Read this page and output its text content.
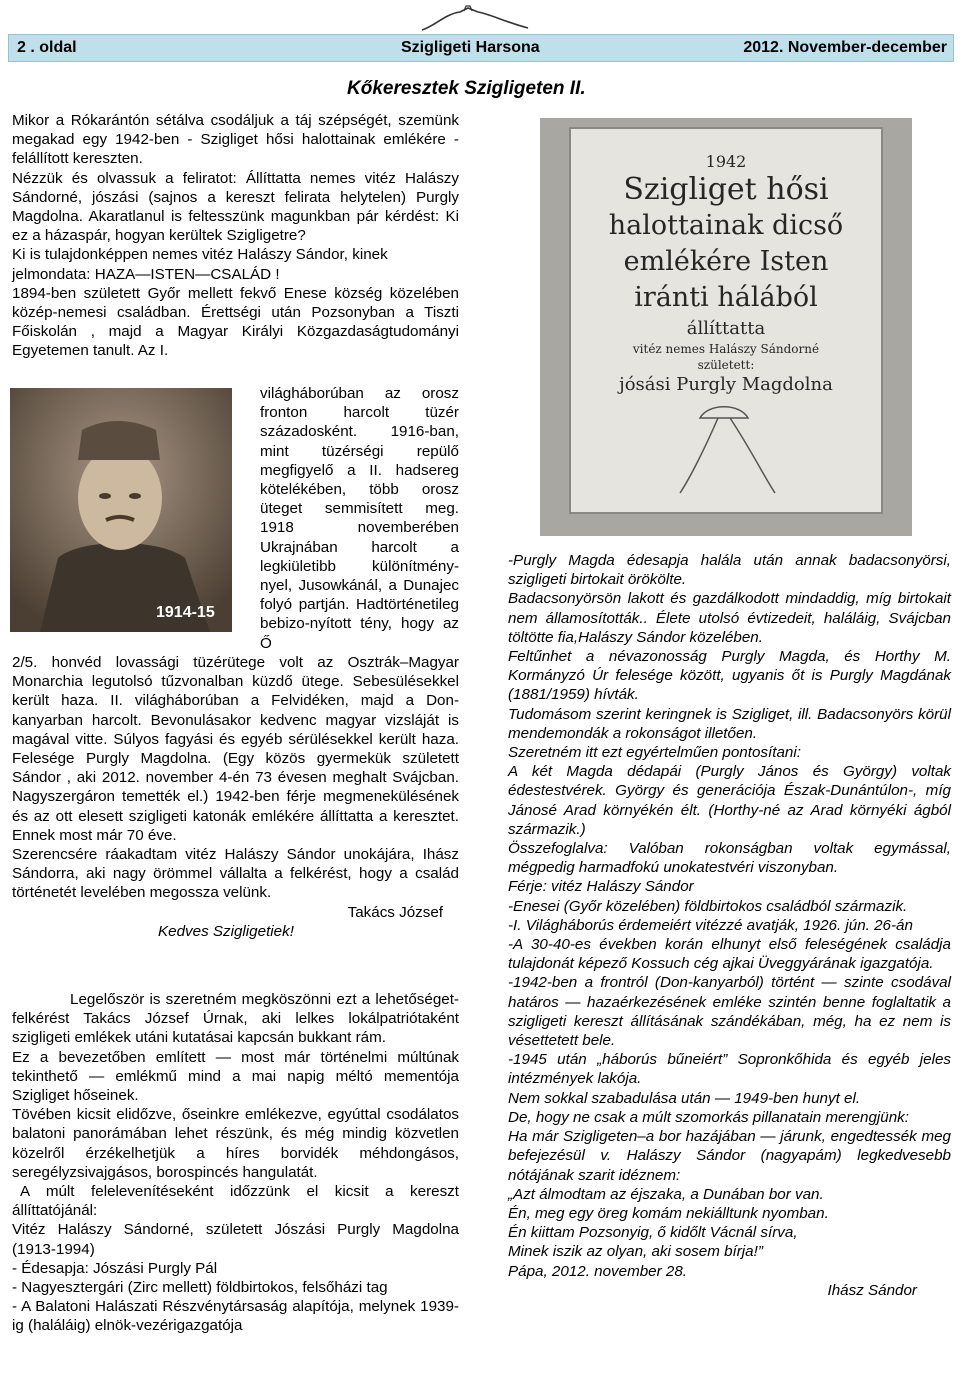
2 . oldal	Szigligeti Harsona	2012. November-december
Kőkeresztek Szigligeten II.

Mikor a Rókarántón sétálva csodáljuk a táj szépségét, szemünk megakad egy 1942-ben - Szigliget hősi halottainak emlékére - felállított kereszten.

Nézzük és olvassuk a feliratot: Állíttatta nemes vitéz Halászy Sándorné, jószási (sajnos a kereszt felirata helytelen) Purgly Magdolna. Akaratlanul is feltesszünk magunkban pár kérdést: Ki ez a házaspár, hogyan kerültek Szigligetre?

Ki is tulajdonképpen nemes vitéz Halászy Sándor, kinek jelmondata: HAZA—ISTEN—CSALÁD !

1894-ben született Győr mellett fekvő Enese község közelében közép-nemesi családban. Érettségi után Pozsonyban a Tiszti Főiskolán , majd a Magyar Királyi Közgazdaságtudományi Egyetemen tanult. Az I.

1914-15
világháborúban az orosz fronton harcolt tüzér századosként. 1916-ban, mint tüzérségi repülő megfigyelő a II. hadsereg kötelékében, több orosz üteget semmisített meg. 1918 novemberében Ukrajnában harcolt a legkiületibb különítmény-nyel, Jusowkánál, a Dunajec folyó partján. Hadtörténetileg bebizo-nyított tény, hogy az Ő

2/5. honvéd lovassági tüzérütege volt az Osztrák–Magyar Monarchia legutolsó tűzvonalban küzdő ütege. Sebesülésekkel került haza. II. világháborúban a Felvidéken, majd a Don-kanyarban harcolt. Bevonulásakor kedvenc magyar vizsláját is magával vitte. Súlyos fagyási és egyéb sérülésekkel került haza. Felesége Purgly Magdolna. (Egy közös gyermekük született Sándor , aki 2012. november 4-én 73 évesen meghalt Svájcban. Nagyszergáron temették el.) 1942-ben férje megmenekülésének és az ott elesett szigligeti katonák emlékére állíttatta a keresztet. Ennek most már 70 éve.

Szerencsére ráakadtam vitéz Halászy Sándor unokájára, Ihász Sándorra, aki nagy örömmel vállalta a felkérést, hogy a család történetét levelében megossza velünk.

Takács József

Kedves Szigligetiek!

Legelőször is szeretném megköszönni ezt a lehetőséget-felkérést Takács József Úrnak, aki lelkes lokálpatriótaként szigligeti emlékek utáni kutatásai kapcsán bukkant rám.

Ez a bevezetőben említett — most már történelmi múltúnak tekinthető — emlékmű mind a mai napig méltó mementója Szigliget hőseinek.

Tövében kicsit elidőzve, őseinkre emlékezve, egyúttal csodálatos balatoni panorámában lehet részünk, és még mindig közvetlen közelről érzékelhetjük a híres borvidék méhdongásos, seregélyzsivajgásos, borospincés hangulatát.

A múlt felelevenítéseként időzzünk el kicsit a kereszt állíttatójánál:

Vitéz Halászy Sándorné, született Jószási Purgly Magdolna (1913-1994)

- Édesapja: Jószási Purgly Pál

- Nagyesztergári (Zirc mellett) földbirtokos, felsőházi tag

- A Balatoni Halászati Részvénytársaság alapítója, melynek 1939-ig (haláláig) elnök-vezérigazgatója

1942
Szigliget hősi
halottainak dicső
emlékére Isten
iránti hálából
állíttatta
vitéz nemes Halászy Sándorné
született:
jósási Purgly Magdolna

-Purgly Magda édesapja halála után annak badacsonyörsi, szigligeti birtokait örökölte.

Badacsonyörsön lakott és gazdálkodott mindaddig, míg birtokait nem államosították.. Élete utolsó évtizedeit, haláláig, Svájcban töltötte fia,Halászy Sándor közelében.

Feltűnhet a névazonosság Purgly Magda, és Horthy M. Kormányzó Úr felesége között, ugyanis őt is Purgly Magdának (1881/1959) hívták.

Tudomásom szerint keringnek is Szigliget, ill. Badacsonyörs körül mendemondák a rokonságot illetően.

Szeretném itt ezt egyértelműen pontosítani:

A két Magda dédapái (Purgly János és György) voltak édestestvérek. György és generációja Észak-Dunántúlon-, míg Jánosé Arad környékén élt. (Horthy-né az Arad környéki ágból származik.)

Összefoglalva: Valóban rokonságban voltak egymással, mégpedig harmadfokú unokatestvéri viszonyban.

Férje: vitéz Halászy Sándor

-Enesei (Győr közelében) földbirtokos családból származik.

-I. Világháborús érdemeiért vitézzé avatják, 1926. jún. 26-án

-A 30-40-es években korán elhunyt első feleségének családja tulajdonát képező Kossuch cég ajkai Üveggyárának igazgatója.

-1942-ben a frontról (Don-kanyarból) történt — szinte csodával határos — hazaérkezésének emléke szintén benne foglaltatik a szigligeti kereszt állításának szándékában, még, ha ez nem is vésettetett bele.

-1945 után „háborús bűneiért” Sopronkőhida és egyéb jeles intézmények lakója.

Nem sokkal szabadulása után — 1949-ben hunyt el.

De, hogy ne csak a múlt szomorkás pillanatain merengjünk:

Ha már Szigligeten–a bor hazájában — járunk, engedtessék meg befejezésül v. Halászy Sándor (nagyapám) legkedvesebb nótájának szarit idéznem:

„Azt álmodtam az éjszaka, a Dunában bor van.

Én, meg egy öreg komám nekiálltunk nyomban.

Én kiittam Pozsonyig, ő kidőlt Vácnál sírva,

Minek iszik az olyan, aki sosem bírja!”

Pápa, 2012. november 28.

Ihász Sándor
